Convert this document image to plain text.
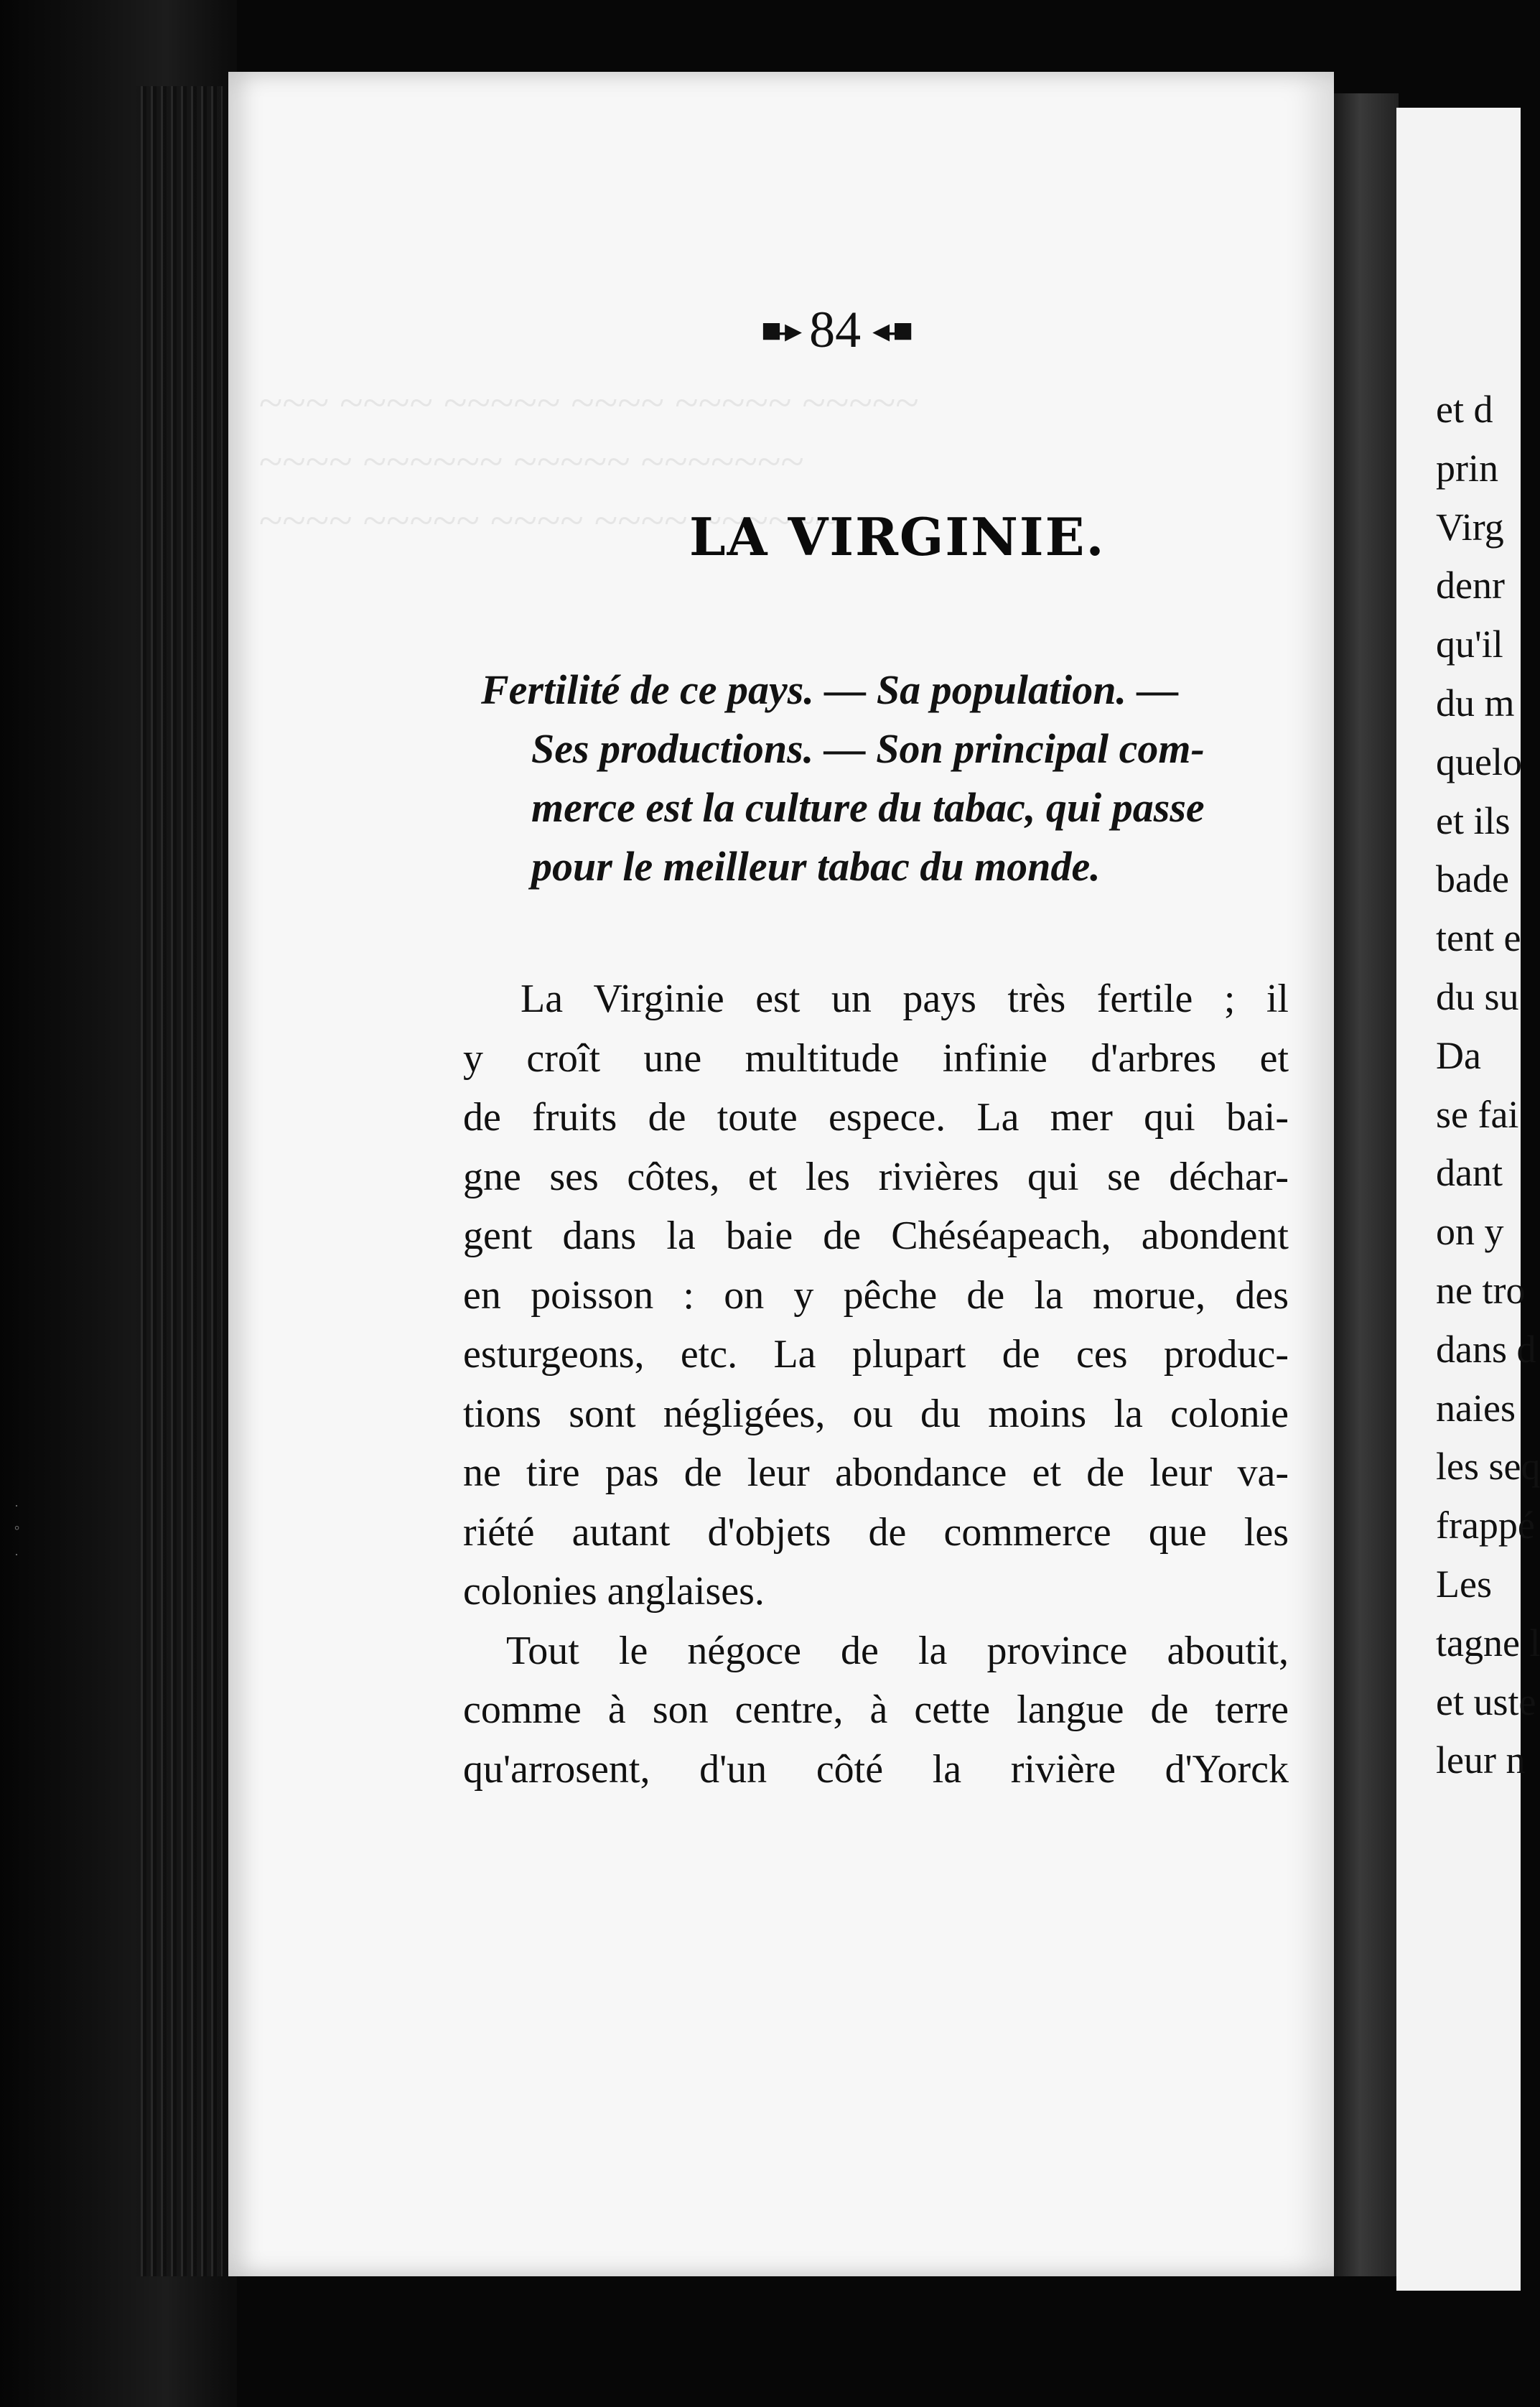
·
°
·

■-▸ 84 ◂-■
LA VIRGINIE.
Fertilité de ce pays. — Sa population. —
Ses productions. — Son principal com-
merce est la culture du tabac, qui passe
pour le meilleur tabac du monde.
La Virginie est un pays très fertile ; il
y croît une multitude infinie d'arbres et
de fruits de toute espece. La mer qui bai-
gne ses côtes, et les rivières qui se déchar-
gent dans la baie de Chéséapeach, abondent
en poisson : on y pêche de la morue, des
esturgeons, etc. La plupart de ces produc-
tions sont négligées, ou du moins la colonie
ne tire pas de leur abondance et de leur va-
riété autant d'objets de commerce que les
colonies anglaises.
Tout le négoce de la province aboutit,
comme à son centre, à cette langue de terre
qu'arrosent, d'un côté la rivière d'Yorck
et d
prin
Virg
denr
qu'il
du m
quelo
et ils
bade
tent e
du su
Da
se fai
dant
on y
ne tro
dans d
naies
les seq
frappé
Les
tagne l
et uste
leur n
